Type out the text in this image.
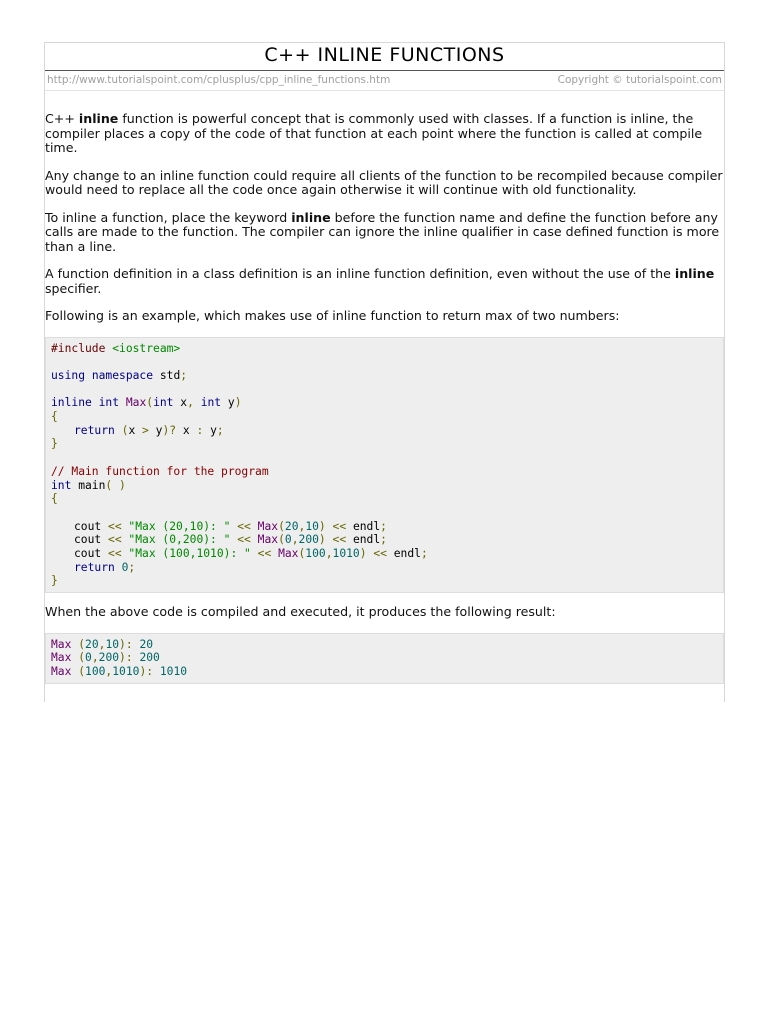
C++ INLINE FUNCTIONS
http://www.tutorialspoint.com/cplusplus/cpp_inline_functions.htm	Copyright © tutorialspoint.com

C++ inline function is powerful concept that is commonly used with classes. If a function is inline, the compiler places a copy of the code of that function at each point where the function is called at compile time.

Any change to an inline function could require all clients of the function to be recompiled because compiler would need to replace all the code once again otherwise it will continue with old functionality.

To inline a function, place the keyword inline before the function name and define the function before any calls are made to the function. The compiler can ignore the inline qualifier in case defined function is more than a line.

A function definition in a class definition is an inline function definition, even without the use of the inline specifier.

Following is an example, which makes use of inline function to return max of two numbers:

#include <iostream>

using namespace std;

inline int Max(int x, int y)
{
return (x > y)? x : y;
}

// Main function for the program
int main( )
{

cout << "Max (20,10): " << Max(20,10) << endl;
cout << "Max (0,200): " << Max(0,200) << endl;
cout << "Max (100,1010): " << Max(100,1010) << endl;
return 0;
}

When the above code is compiled and executed, it produces the following result:

Max (20,10): 20
Max (0,200): 200
Max (100,1010): 1010
